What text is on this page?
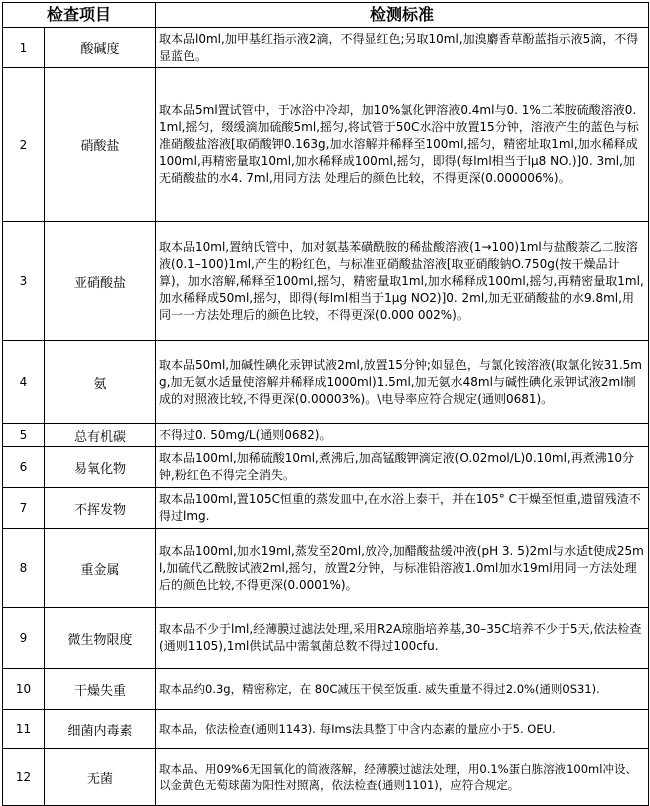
检查项目		检测标准
1	酸碱度	取本品l0ml,加甲基红指示液2滴，不得显红色;另取10ml,加溴麝香草酚蓝指示液5滴，不得显蓝色。
2	硝酸盐	取本品5ml置试管中，于冰浴中冷却，加10%氯化钾溶液0.4ml与0. 1%二苯胺硫酸溶液0. 1ml,摇匀，缀缓滴加硫酸5ml,摇匀,将试管于50C水浴中放置15分钟，溶液产生的蓝色与标准硝酸盐溶液[取硝酸钾0.163g,加水溶解并稀释至100ml,摇匀，精密址取1ml,加水稀释成100ml,再精密量取10ml,加水稀释成100ml,摇匀，即得(每lml相当于lμ8 NO.)]0. 3ml,加无硝酸盐的水4. 7ml,用同方法 处理后的颜色比较，不得更深(0.000006%)。
3	亚硝酸盐	取本品10ml,置纳氏管中，加对氨基苯磺酰胺的稀盐酸溶液(1→100)1ml与盐酸萘乙二胺溶液(0.1–100)1ml,产生的粉红色，与标准亚硝酸盐溶液[取亚硝酸钠O.750g(按干燥品计算)，加水溶解,稀释至100ml,摇匀，精密量取1ml,加水稀释成100ml,摇匀,再精密量取1ml,加水稀释成50ml,摇匀，即得(每lml相当于1μg NO2)]0. 2ml,加无亚硝酸盐的水9.8ml,用同一一方法处理后的颜色比较，不得更深(0.000 002%)。
4	氨	取本品50ml,加碱性碘化汞钾试液2ml,放置15分钟;如显色，与氯化铵溶液(取氯化铵31.5mg,加无氨水适量使溶解并稀释成1000ml)1.5ml,加无氨水48ml与碱性碘化汞钾试液2ml制成的对照液比较,不得更深(0.00003%)。\电导率应符合规定(通则0681)。
5	总有机碳	不得过0. 50mg/L(通则0682)。
6	易氧化物	取本品100ml,加稀硫酸10ml,煮沸后,加高锰酸钾滴定液(O.02mol/L)0.10ml,再煮沸10分钟,粉红色不得完全消失。
7	不挥发物	取本品100ml,置105C恒重的蒸发皿中,在水浴上泰干，并在105° C干燥至恒重,遗留残渣不得过lmg.
8	重金属	取本品100ml,加水19ml,蒸发至20ml,放冷,加醋酸盐缓冲液(pH 3. 5)2ml与水适t使成25ml,加硫代乙酰胺试液2ml,摇匀，放置2分钟，与标准铅溶液1.0ml加水19ml用同一方法处理后的颜色比较,不得更深(0.0001%)。
9	微生物限度	取本品不少于lml,经薄膜过滤法处理,采用R2A琼脂培养基,30–35C培养不少于5天,依法检查(通则1105),1ml供试品中需氧菌总数不得过100cfu.
10	干燥失重	取本品约0.3g，精密称定，在 80C减压干侯至饭重. 威失重量不得过2.0%(通则0S31).
11	细菌内毒素	取本品，依法检查(通则1143). 每Ims法具整丁中含内态素的量应小于5. OEU.
12	无菌	取本品、用09%6无国氧化的简液落解，经薄膜过滤法处理，用0.1%蛋白胨溶液100ml冲设、以金黄色无萄球菌为阳性对照离，依法检查(通则1101)，应符合规定。
